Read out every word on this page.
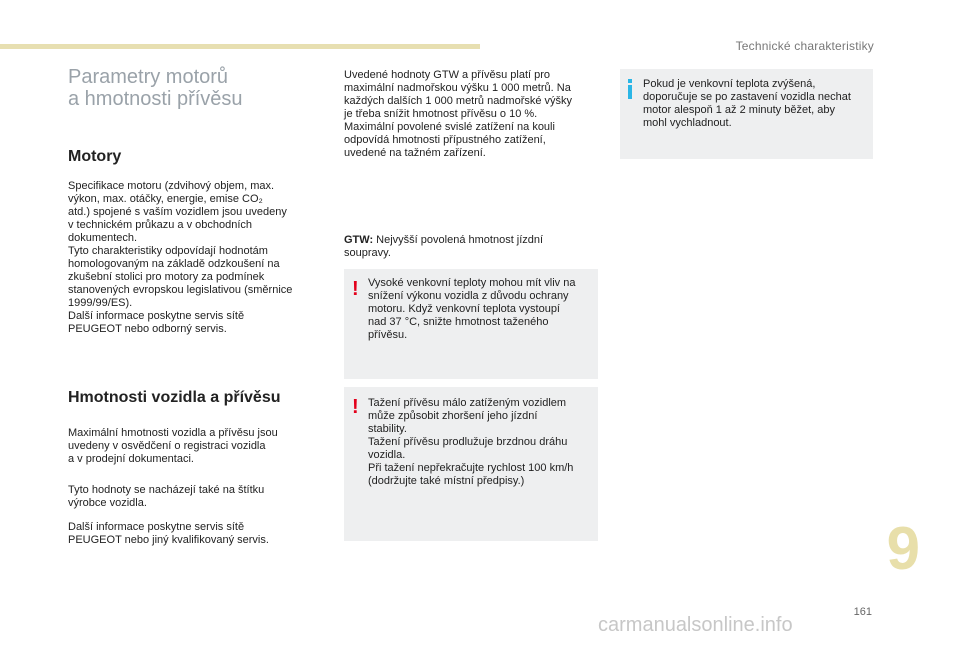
Technické charakteristiky
Parametry motorů
a hmotnosti přívěsu
Motory
Specifikace motoru (zdvihový objem, max.
výkon, max. otáčky, energie, emise CO₂
atd.) spojené s vaším vozidlem jsou uvedeny
v technickém průkazu a v obchodních
dokumentech.
Tyto charakteristiky odpovídají hodnotám
homologovaným na základě odzkoušení na
zkušební stolici pro motory za podmínek
stanovených evropskou legislativou (směrnice
1999/99/ES).
Další informace poskytne servis sítě
PEUGEOT nebo odborný servis.
Hmotnosti vozidla a přívěsu
Maximální hmotnosti vozidla a přívěsu jsou
uvedeny v osvědčení o registraci vozidla
a v prodejní dokumentaci.
Tyto hodnoty se nacházejí také na štítku
výrobce vozidla.
Další informace poskytne servis sítě
PEUGEOT nebo jiný kvalifikovaný servis.
Uvedené hodnoty GTW a přívěsu platí pro
maximální nadmořskou výšku 1 000 metrů. Na
každých dalších 1 000 metrů nadmořské výšky
je třeba snížit hmotnost přívěsu o 10 %.
Maximální povolené svislé zatížení na kouli
odpovídá hmotnosti přípustného zatížení,
uvedené na tažném zařízení.
GTW: Nejvyšší povolená hmotnost jízdní
soupravy.
! Vysoké venkovní teploty mohou mít vliv na
snížení výkonu vozidla z důvodu ochrany
motoru. Když venkovní teplota vystoupí
nad 37 °C, snižte hmotnost taženého
přívěsu.
! Tažení přívěsu málo zatíženým vozidlem
může způsobit zhoršení jeho jízdní
stability.
Tažení přívěsu prodlužuje brzdnou dráhu
vozidla.
Při tažení nepřekračujte rychlost 100 km/h
(dodržujte také místní předpisy.)
Pokud je venkovní teplota zvýšená,
doporučuje se po zastavení vozidla nechat
motor alespoň 1 až 2 minuty běžet, aby
mohl vychladnout.
9
161
carmanualsonline.info
